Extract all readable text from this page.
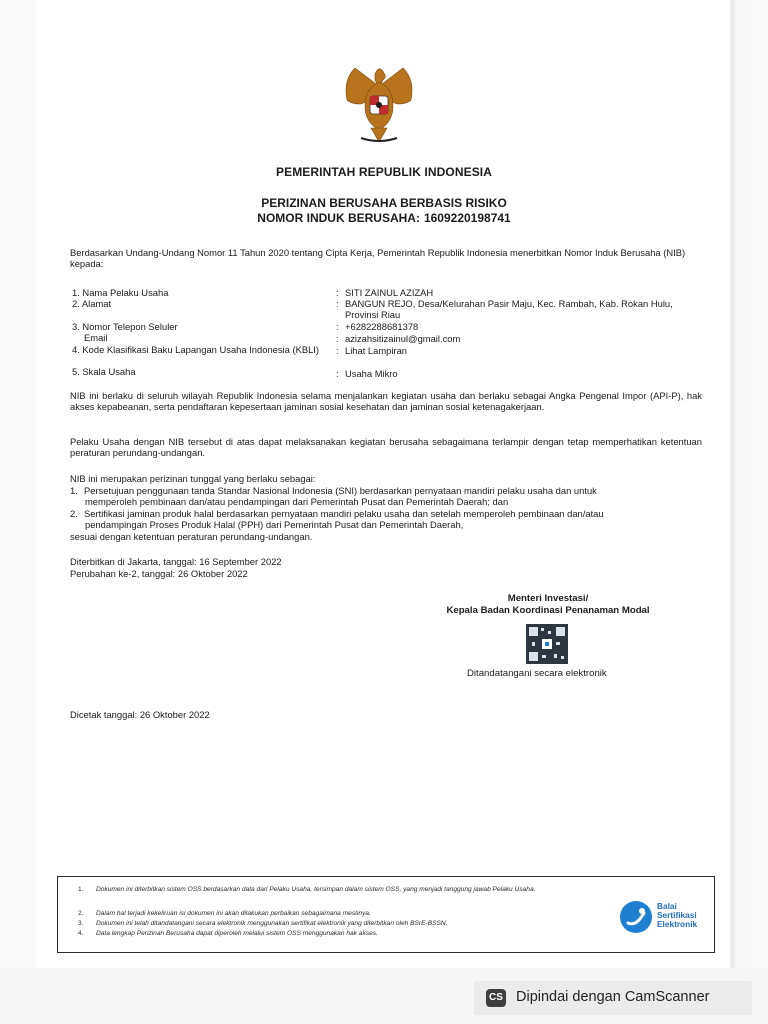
PEMERINTAH REPUBLIK INDONESIA
PERIZINAN BERUSAHA BERBASIS RISIKO
NOMOR INDUK BERUSAHA: 1609220198741
Berdasarkan Undang-Undang Nomor 11 Tahun 2020 tentang Cipta Kerja, Pemerintah Republik Indonesia menerbitkan Nomor Induk Berusaha (NIB) kepada:
1. Nama Pelaku Usaha	: SITI ZAINUL AZIZAH
2. Alamat	: BANGUN REJO, Desa/Kelurahan Pasir Maju, Kec. Rambah, Kab. Rokan Hulu, Provinsi Riau
3. Nomor Telepon Seluler	: +6282288681378
Email	: azizahsitizainul@gmail.com
4. Kode Klasifikasi Baku Lapangan Usaha Indonesia (KBLI)	: Lihat Lampiran
5. Skala Usaha	: Usaha Mikro
NIB ini berlaku di seluruh wilayah Republik Indonesia selama menjalankan kegiatan usaha dan berlaku sebagai Angka Pengenal Impor (API-P), hak akses kepabeanan, serta pendaftaran kepesertaan jaminan sosial kesehatan dan jaminan sosial ketenagakerjaan.
Pelaku Usaha dengan NIB tersebut di atas dapat melaksanakan kegiatan berusaha sebagaimana terlampir dengan tetap memperhatikan ketentuan peraturan perundang-undangan.
NIB ini merupakan perizinan tunggal yang berlaku sebagai:
1. Persetujuan penggunaan tanda Standar Nasional Indonesia (SNI) berdasarkan pernyataan mandiri pelaku usaha dan untuk
memperoleh pembinaan dan/atau pendampingan dari Pemerintah Pusat dan Pemerintah Daerah; dan
2. Sertifikasi jaminan produk halal berdasarkan pernyataan mandiri pelaku usaha dan setelah memperoleh pembinaan dan/atau
pendampingan Proses Produk Halal (PPH) dari Pemerintah Pusat dan Pemerintah Daerah,
sesuai dengan ketentuan peraturan perundang-undangan.
Diterbitkan di Jakarta, tanggal: 16 September 2022
Perubahan ke-2, tanggal: 26 Oktober 2022
Menteri Investasi/
Kepala Badan Koordinasi Penanaman Modal
Ditandatangani secara elektronik
Dicetak tanggal: 26 Oktober 2022
1. Dokumen ini diterbitkan sistem OSS berdasarkan data dari Pelaku Usaha, tersimpan dalam sistem OSS, yang menjadi tanggung jawab Pelaku Usaha.
2. Dalam hal terjadi kekeliruan isi dokumen ini akan dilakukan perbaikan sebagaimana mestinya.
3. Dokumen ini telah ditandatangani secara elektronik menggunakan sertifikat elektronik yang diterbitkan oleh BSrE-BSSN.
4. Data lengkap Perizinan Berusaha dapat diperoleh melalui sistem OSS menggunakan hak akses.
Balai
Sertifikasi
Elektronik
CS Dipindai dengan CamScanner
